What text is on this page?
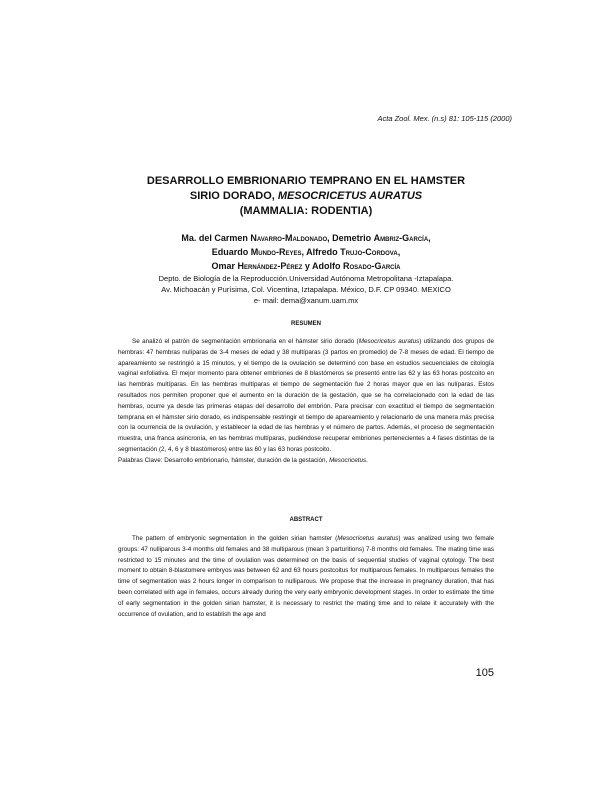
Acta Zool. Mex. (n.s) 81: 105-115 (2000)
DESARROLLO EMBRIONARIO TEMPRANO EN EL HAMSTER
SIRIO DORADO, MESOCRICETUS AURATUS
(MAMMALIA: RODENTIA)
Ma. del Carmen Navarro-Maldonado, Demetrio Ambriz-García,
Eduardo Mundo-Reyes, Alfredo Trujo-Cordova,
Omar Hernández-Pérez y Adolfo Rosado-García
Depto. de Biología de la Reproducción.Universidad Autónoma Metropolitana -Iztapalapa.
Av. Michoacán y Purísima, Col. Vicentina, Iztapalapa. México, D.F. CP 09340. MEXICO
e- mail: dema@xanum.uam.mx
RESUMEN

Se analizó el patrón de segmentación embrionaria en el hámster sirio dorado (Mesocricetus auratus) utilizando dos grupos de hembras: 47 hembras nulíparas de 3-4 meses de edad y 38 multíparas (3 partos en promedio) de 7-8 meses de edad. El tiempo de apareamiento se restringió a 15 minutos, y el tiempo de la ovulación se determinó con base en estudios secuenciales de citología vaginal exfoliativa. El mejor momento para obtener embriones de 8 blastómeros se presentó entre las 62 y las 63 horas postcoito en las hembras multíparas. En las hembras multíparas el tiempo de segmentación fue 2 horas mayor que en las nulíparas. Estos resultados nos permiten proponer que el aumento en la duración de la gestación, que se ha correlacionado con la edad de las hembras, ocurre ya desde las primeras etapas del desarrollo del embrión. Para precisar con exactitud el tiempo de segmentación temprana en el hámster sirio dorado, es indispensable restringir el tiempo de apareamiento y relacionarlo de una manera más precisa con la ocurrencia de la ovulación, y establecer la edad de las hembras y el número de partos. Además, el proceso de segmentación muestra, una franca asincronía, en las hembras multíparas, pudiéndose recuperar embriones pertenecientes a 4 fases distintas de la segmentación (2, 4, 6 y 8 blastómeros) entre las 60 y las 63 horas postcoito.

Palabras Clave: Desarrollo embrionario, hámster, duración de la gestación, Mesocricetus.

ABSTRACT

The pattern of embryonic segmentation in the golden sirian hamster (Mesocricetus auratus) was analized using two female groups: 47 nulliparous 3-4 months old females and 38 multiparous (mean 3 parturitions) 7-8 months old females. The mating time was restricted to 15 minutes and the time of ovulation was determined on the basis of sequential studies of vaginal cytology. The best moment to obtain 8-blastomere embryos was between 62 and 63 hours postcoitus for multiparous females. In multiparous females the time of segmentation was 2 hours longer in comparison to nulliparous. We propose that the increase in pregnancy duration, that has been correlated with age in females, occurs already during the very early embryonic development stages. In order to estimate the time of early segmentation in the golden sirian hamster, it is necessary to restrict the mating time and to relate it accurately with the occurrence of ovulation, and to establish the age and

105
